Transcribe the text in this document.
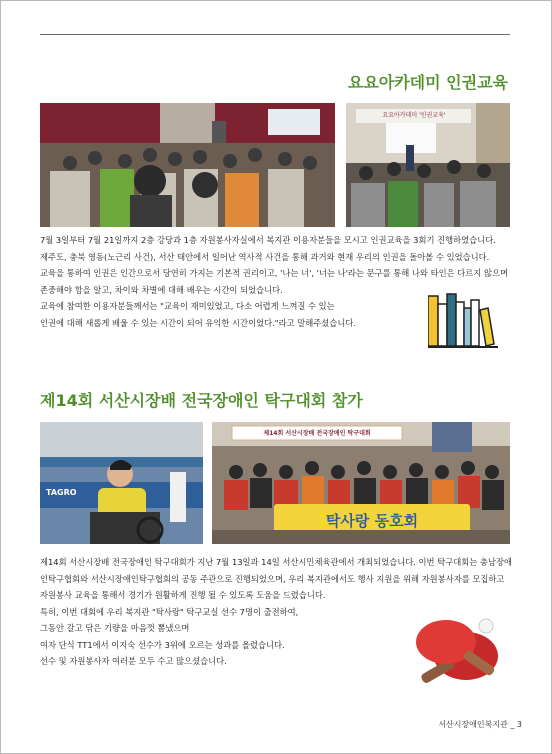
요요아카데미 인권교육
요요아카데미 '인권교육'

7월 3일부터 7월 21일까지 2층 강당과 1층 자원봉사자실에서 복지관 이용자분들을 모시고 인권교육을 3회기 진행하였습니다.

제주도, 충북 영동(노근리 사건), 서산 태안에서 일어난 역사적 사건을 통해 과거와 현재 우리의 인권을 돌아볼 수 있었습니다.

교육을 통하여 인권은 인간으로서 당연히 가지는 기본적 권리이고, '나는 너', '너는 나'라는 문구를 통해 나와 타인은 다르지 않으며

존중해야 함을 알고, 차이와 차별에 대해 배우는 시간이 되었습니다.

교육에 참여한 이용자분들께서는 "교육이 재미있었고, 다소 어렵게 느껴질 수 있는

인권에 대해 새롭게 배울 수 있는 시간이 되어 유익한 시간이었다."라고 말해주셨습니다.

제14회 서산시장배 전국장애인 탁구대회 참가
TAGRO
제14회 서산시장배 전국장애인 탁구대회
탁사랑 동호회

제14회 서산시장배 전국장애인 탁구대회가 지난 7월 13일과 14일 서산시민체육관에서 개최되었습니다. 이번 탁구대회는 충남장애

인탁구협회와 서산시장애인탁구협회의 공동 주관으로 진행되었으며, 우리 복지관에서도 행사 지원을 위해 자원봉사자를 모집하고

자원봉사 교육을 통해서 경기가 원활하게 진행 될 수 있도록 도움을 드렸습니다.

특히, 이번 대회에 우리 복지관 "탁사랑" 탁구교실 선수 7명이 출전하여,

그동안 갈고 닦은 기량을 마음껏 뽐냈으며

여자 단식 TT1에서 이지숙 선수가 3위에 오르는 성과를 올렸습니다.

선수 및 자원봉사자 여러분 모두 수고 많으셨습니다.

서산시장애인복지관 _ 3
